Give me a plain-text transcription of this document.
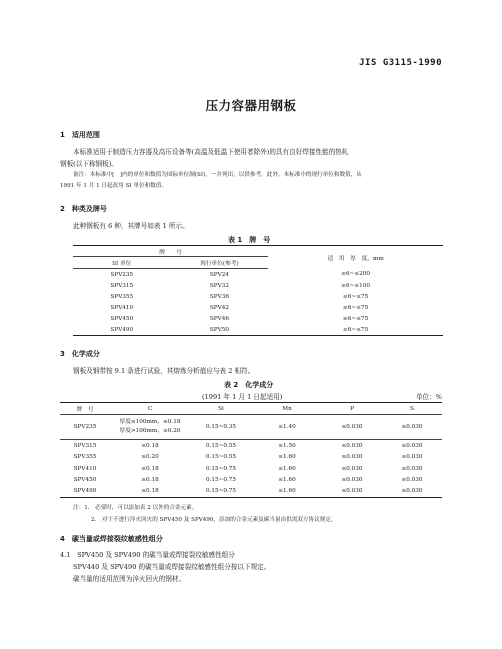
JIS G3115-1990
压力容器用钢板
1　适用范围
本标准适用于制造压力容器及高压设备等(高温及低温下使用者除外)的具有良好焊接性能的热轧
钢板(以下称钢板)。
备注：本标准中[　]内的单位和数值为国际单位制(SI)，一并列出，以供参考。此外，本标准中的现行单位和数值，从
1991 年 1 月 1 日起改用 SI 单位和数值。
2　种类及牌号
此种钢板有 6 种，其牌号如表 1 所示。
表 1　牌　号
牌　　号		适　用　厚　度，mm
SI 单位	现行单位(参考)	
SPV235	SPV24	≥6~≤200
SPV315	SPV32	≥6~≤100
SPV355	SPV36	≥6~≤75
SPV410	SPV42	≥6~≤75
SPV450	SPV46	≥6~≤75
SPV490	SPV50	≥6~≤75
3　化学成分
钢板及钢带按 9.1 条进行试验，其熔炼分析值应与表 2 相符。
表 2　化学成分
(1991 年 1 月 1 日起适用)	单位：%
牌　号	C	Si	Mn	P	S
SPV235	厚度≤100mm，≤0.18
厚度>100mm，≤0.20	0.15~0.35	≤1.40	≤0.030	≤0.030
SPV315	≤0.18	0.15~0.55	≤1.50	≤0.030	≤0.030
SPV355	≤0.20	0.15~0.55	≤1.60	≤0.030	≤0.030
SPV410	≤0.18	0.15~0.75	≤1.60	≤0.030	≤0.030
SPV450	≤0.18	0.15~0.75	≤1.60	≤0.030	≤0.030
SPV490	≤0.18	0.15~0.75	≤1.60	≤0.030	≤0.030
注：1.　必要时，可以添加表 2 以外的合金元素。
2.　对于不进行淬火回火的 SPV450 及 SPV490，添加的合金元素及碳当量由供需双方协议规定。
4　碳当量或焊接裂纹敏感性组分
4.1　SPV450 及 SPV490 的碳当量或焊接裂纹敏感性组分
SPV440 及 SPV490 的碳当量或焊接裂纹敏感性组分按以下规定。
碳当量的适用范围为淬火回火的钢材。
